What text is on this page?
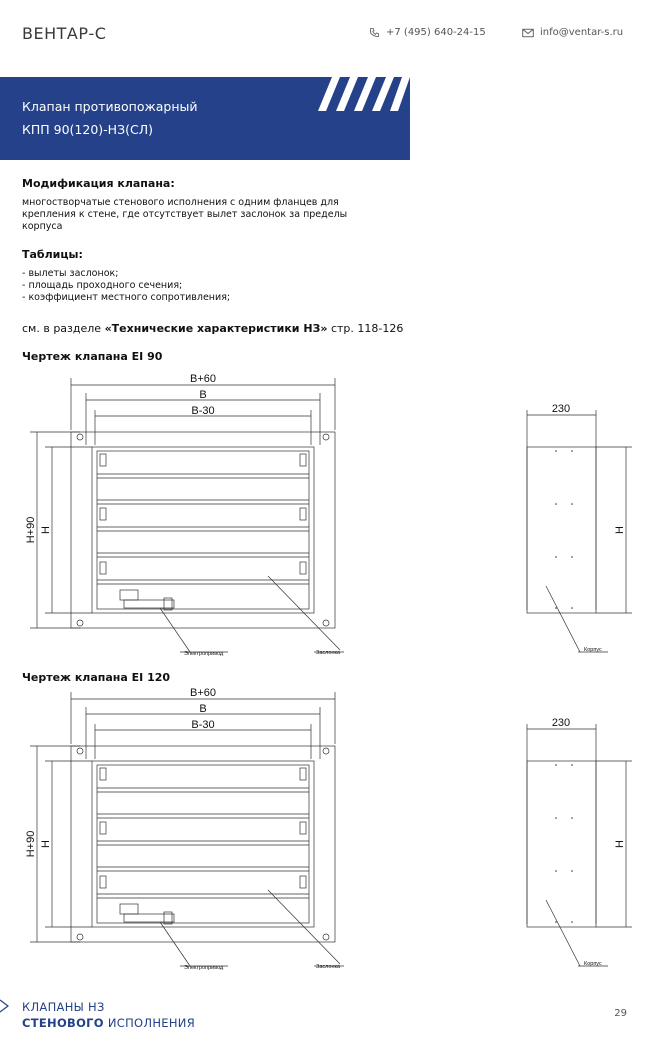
ВЕНТАР-С	+7 (495) 640-24-15	info@ventar-s.ru
Клапан противопожарный
КПП 90(120)-НЗ(СЛ)
Модификация клапана:
многостворчатые стенового исполнения с одним фланцев для
крепления к стене, где отсутствует вылет заслонок за пределы
корпуса
Таблицы:
- вылеты заслонок;
- площадь проходного сечения;
- коэффициент местного сопротивления;
см. в разделе «Технические характеристики НЗ» стр. 118-126
Чертеж клапана EI 90
Чертеж клапана EI 120
B+60
B
B-30	230
H+90 H	H
Электропривод	Заслонка	Корпус
B+60
B
B-30	230
H+90 H	H
Электропривод	Заслонка	Корпус
КЛАПАНЫ НЗ
СТЕНОВОГО ИСПОЛНЕНИЯ
29
